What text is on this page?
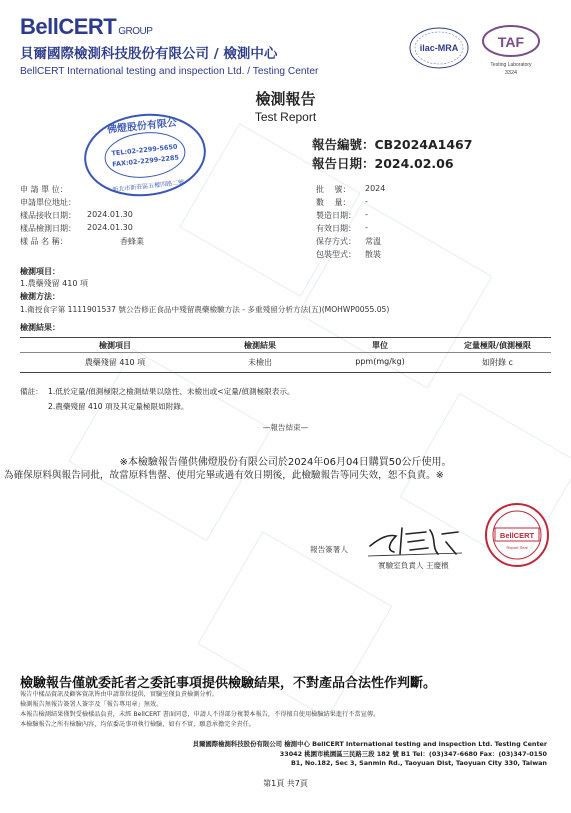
BellCERT GROUP
貝爾國際檢測科技股份有限公司 / 檢測中心
BellCERT International testing and inspection Ltd. / Testing Center
ilac-MRA	TAF
Testing Laboratory
3324
檢測報告
Test Report
報告編號：CB2024A1467
報告日期：2024.02.06
佛燈股份有限公
TEL:02-2299-5650
FAX:02-2299-2285
新北市新莊區五權四路二號
申 請 單 位：
申請單位地址：
樣品接收日期： 2024.01.30
樣品檢測日期： 2024.01.30
樣 品 名 稱：	香蜂業
批　 號： 2024
數　 量： -
製造日期： -
有效日期： -
保存方式： 常溫
包裝型式： 散裝
檢測項目：
1.農藥殘留 410 項
檢測方法：
1.衛授食字第 1111901537 號公告修正食品中殘留農藥檢驗方法 - 多重殘留分析方法(五)(MOHWP0055.05)
檢測結果：
檢測項目	檢測結果	單位	定量極限/偵測極限
農藥殘留 410 項	未檢出	ppm(mg/kg)	如附錄 c
備註： 1.低於定量/偵測極限之檢測結果以陰性、未檢出或<定量/偵測極限表示。
2.農藥殘留 410 項及其定量極限如附錄。
—報告結束—
※本檢驗報告僅供佛燈股份有限公司於2024年06月04日購買50公斤使用。
為確保原料與報告同批，故當原料售罄、使用完畢或過有效日期後，此檢驗報告等同失效，恕不負責。※
報告簽署人
實驗室負責人 王慶檳
BellCERT
Report Seal
檢驗報告僅就委託者之委託事項提供檢驗結果，不對產品合法性作判斷。
報告中樣品資訊及顧客資訊皆由申請單位提供，實驗室僅負責檢測分析。
檢測報告無報告簽署人簽字及「報告專用章」無效。
本報告檢測結果僅對受檢樣品負責，未經 BellCERT 書面同意，申請人不得部分複製本報告，不得擅自使用檢驗結果進行不當宣傳。
本檢驗報告之所有檢驗內容，均依委託事項執行檢驗，如有不實，願意承擔完全責任。
貝爾國際檢測科技股份有限公司 檢測中心 BellCERT International testing and inspection Ltd. Testing Center
33042 桃園市桃園區三民路三段 182 號 B1 Tel：(03)347-6680 Fax：(03)347-0150
B1, No.182, Sec 3, Sanmin Rd., Taoyuan Dist, Taoyuan City 330, Taiwan
第1頁 共7頁
